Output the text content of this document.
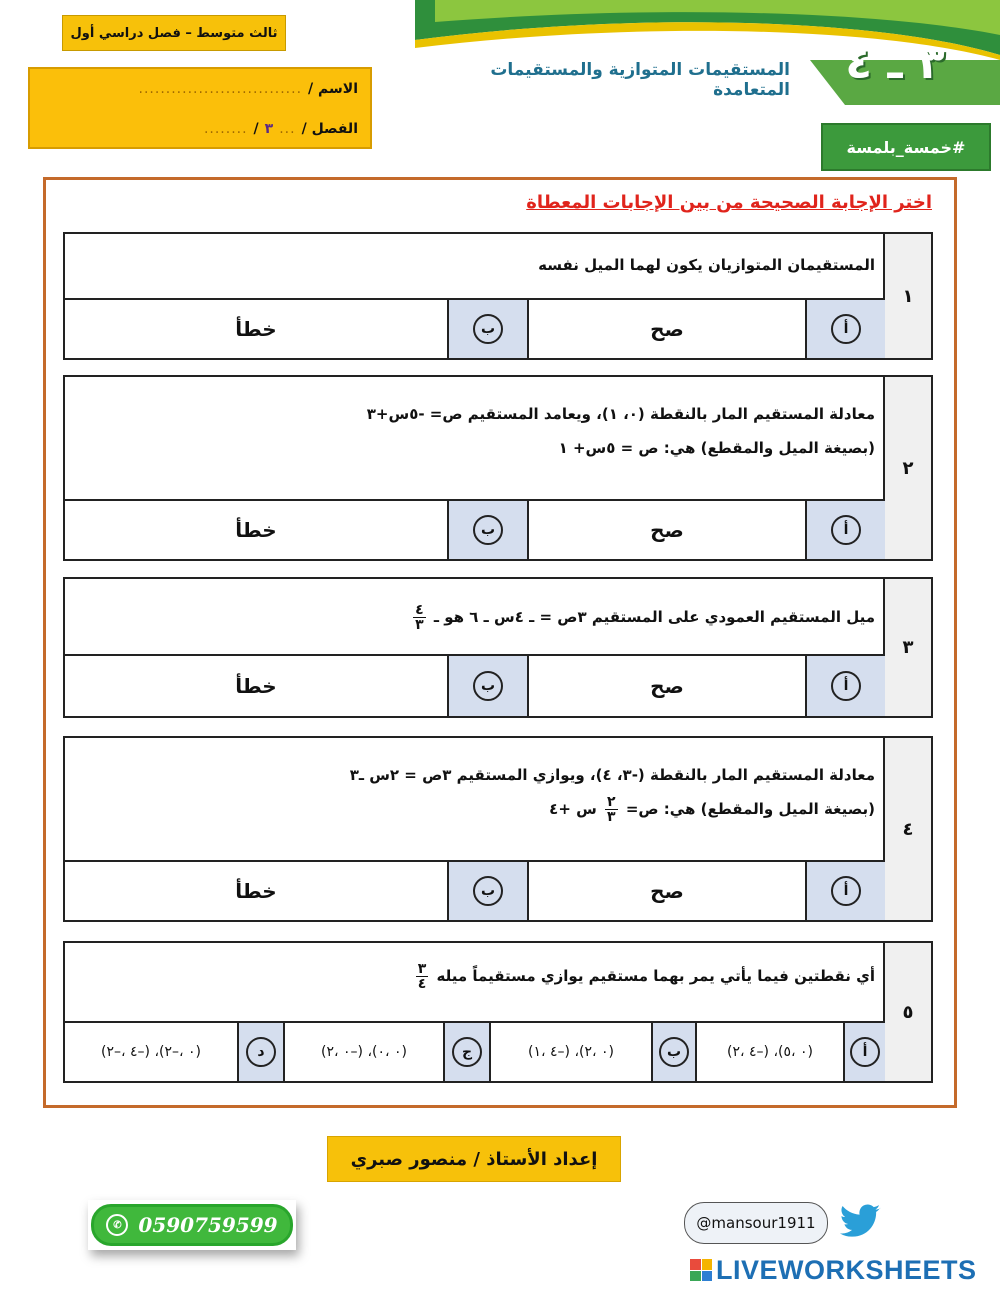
ثالث متوسط – فصل دراسي أول
الاسم /
..............................
الفصل /
...
٣
/
........
المستقيمات المتوازية والمستقيمات المتعامدة
٣ ـ ٤
#خمسة_بلمسة
اختر الإجابة الصحيحة من بين الإجابات المعطاة
١
المستقيمان المتوازيان يكون لهما الميل نفسه
أ
صح
ب
خطأ
٢
معادلة المستقيم المار بالنقطة (٠، ١)، ويعامد المستقيم ص= -٥س+٣
(بصيغة الميل والمقطع) هي: ص = ٥س+ ١
أ
صح
ب
خطأ
٣
ميل المستقيم العمودي على المستقيم ٣ص = ـ ٤س ـ ٦ هو ـ
$\frac{٤}{٣}$
أ
صح
ب
خطأ
٤
معادلة المستقيم المار بالنقطة (-٣، ٤)، ويوازي المستقيم ٣ص = ٢س ـ٣
(بصيغة الميل والمقطع) هي: ص=
$\frac{٢}{٣}$
س +٤
أ
صح
ب
خطأ
٥
أي نقطتين فيما يأتي يمر بهما مستقيم يوازي مستقيماً ميله
$\frac{٣}{٤}$
أ
(٠ ،٥)، (–٤ ،٢)
ب
(٠ ،٢)، (–٤ ،١)
ج
(٠ ،٠)، (–٠ ،٢)
د
(٠ ،–٢)، (–٤ ،–٢)
إعداد الأستاذ / منصور صبري
✆ 0590759599	@mansour1911
LIVEWORKSHEETS
